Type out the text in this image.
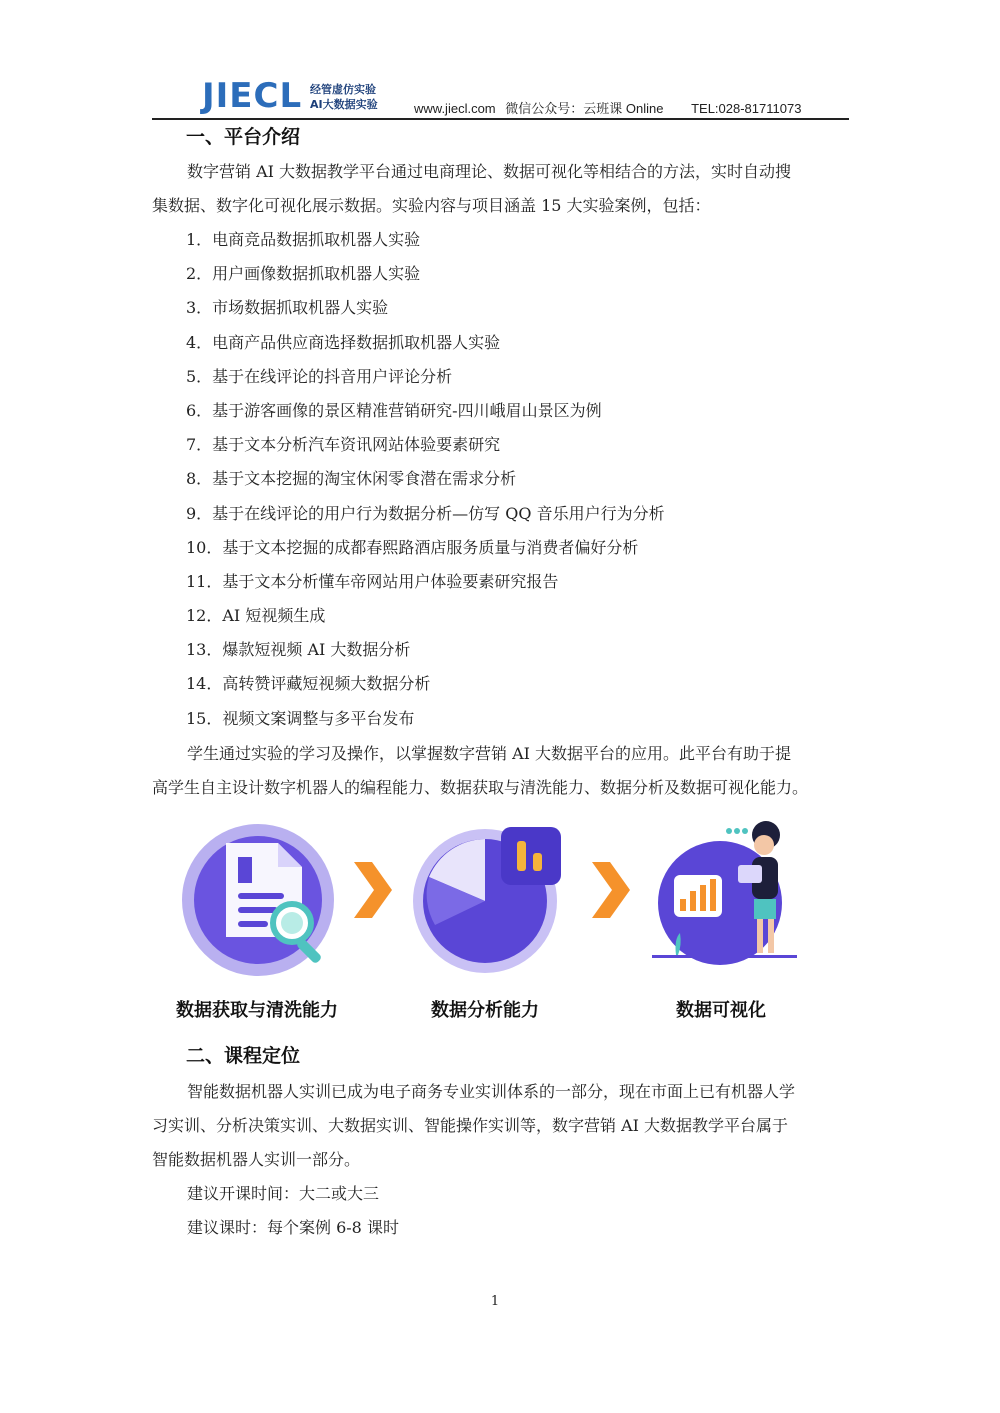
JIECL 经管虚仿实验
AI大数据实验	www.jiecl.com 微信公众号：云班课 Online TEL:028-81711073
一、平台介绍

数字营销 AI 大数据教学平台通过电商理论、数据可视化等相结合的方法，实时自动搜
集数据、数字化可视化展示数据。实验内容与项目涵盖 15 大实验案例，包括：

1．电商竞品数据抓取机器人实验
2．用户画像数据抓取机器人实验
3．市场数据抓取机器人实验
4．电商产品供应商选择数据抓取机器人实验
5．基于在线评论的抖音用户评论分析
6．基于游客画像的景区精准营销研究-四川峨眉山景区为例
7．基于文本分析汽车资讯网站体验要素研究
8．基于文本挖掘的淘宝休闲零食潜在需求分析
9．基于在线评论的用户行为数据分析—仿写 QQ 音乐用户行为分析
10．基于文本挖掘的成都春熙路酒店服务质量与消费者偏好分析
11．基于文本分析懂车帝网站用户体验要素研究报告
12．AI 短视频生成
13．爆款短视频 AI 大数据分析
14．高转赞评藏短视频大数据分析
15．视频文案调整与多平台发布

学生通过实验的学习及操作，以掌握数字营销 AI 大数据平台的应用。此平台有助于提
高学生自主设计数字机器人的编程能力、数据获取与清洗能力、数据分析及数据可视化能力。

数据获取与清洗能力	数据分析能力	数据可视化
二、课程定位

智能数据机器人实训已成为电子商务专业实训体系的一部分，现在市面上已有机器人学
习实训、分析决策实训、大数据实训、智能操作实训等，数字营销 AI 大数据教学平台属于
智能数据机器人实训一部分。
建议开课时间：大二或大三
建议课时：每个案例 6-8 课时

1
